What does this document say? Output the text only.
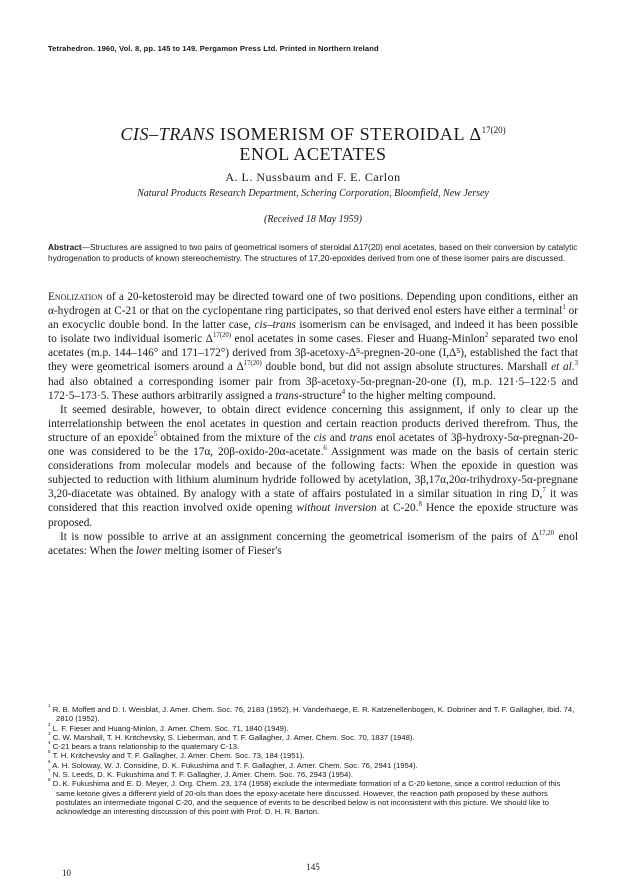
Tetrahedron. 1960, Vol. 8, pp. 145 to 149. Pergamon Press Ltd. Printed in Northern Ireland
CIS–TRANS ISOMERISM OF STEROIDAL $\Delta^{17(20)}$
ENOL ACETATES
A. L. Nussbaum and F. E. Carlon
Natural Products Research Department, Schering Corporation, Bloomfield, New Jersey
(Received 18 May 1959)
Abstract—Structures are assigned to two pairs of geometrical isomers of steroidal Δ17(20) enol acetates, based on their conversion by catalytic hydrogenation to products of known stereochemistry. The structures of 17,20-epoxides derived from one of these isomer pairs are discussed.

Enolization of a 20-ketosteroid may be directed toward one of two positions. Depending upon conditions, either an α-hydrogen at C-21 or that on the cyclopentane ring participates, so that derived enol esters have either a terminal$^1$ or an exocyclic double bond. In the latter case, cis–trans isomerism can be envisaged, and indeed it has been possible to isolate two individual isomeric $\Delta^{17(20)}$ enol acetates in some cases. Fieser and Huang-Minlon$^2$ separated two enol acetates (m.p. 144–146° and 171–172°) derived from 3β-acetoxy-Δ⁵-pregnen-20-one (I,Δ⁵), established the fact that they were geometrical isomers around a $\Delta^{17(20)}$ double bond, but did not assign absolute structures. Marshall et al.$^3$ had also obtained a corresponding isomer pair from 3β-acetoxy-5α-pregnan-20-one (I), m.p. 121·5–122·5 and 172·5–173·5. These authors arbitrarily assigned a trans-structure$^4$ to the higher melting compound.

It seemed desirable, however, to obtain direct evidence concerning this assignment, if only to clear up the interrelationship between the enol acetates in question and certain reaction products derived therefrom. Thus, the structure of an epoxide$^5$ obtained from the mixture of the cis and trans enol acetates of 3β-hydroxy-5α-pregnan-20-one was considered to be the 17α, 20β-oxido-20α-acetate.$^6$ Assignment was made on the basis of certain steric considerations from molecular models and because of the following facts: When the epoxide in question was subjected to reduction with lithium aluminum hydride followed by acetylation, 3β,17α,20α-trihydroxy-5α-pregnane 3,20-diacetate was obtained. By analogy with a state of affairs postulated in a similar situation in ring D,$^7$ it was considered that this reaction involved oxide opening without inversion at C-20.$^8$ Hence the epoxide structure was proposed.

It is now possible to arrive at an assignment concerning the geometrical isomerism of the pairs of Δ$^{17,20}$ enol acetates: When the lower melting isomer of Fieser's

$^1$ R. B. Moffett and D. I. Weisblat, J. Amer. Chem. Soc. 76, 2183 (1952), H. Vanderhaege, E. R. Katzenellenbogen, K. Dobriner and T. F. Gallagher, Ibid. 74, 2810 (1952).

$^2$ L. F. Fieser and Huang-Minlon, J. Amer. Chem. Soc. 71, 1840 (1949).

$^3$ C. W. Marshall, T. H. Kritchevsky, S. Lieberman, and T. F. Gallagher, J. Amer. Chem. Soc. 70, 1837 (1948).

$^4$ C-21 bears a trans relationship to the quaternary C-13.

$^5$ T. H. Kritchevsky and T. F. Gallagher, J. Amer. Chem. Soc. 73, 184 (1951).

$^6$ A. H. Soloway, W. J. Considine, D. K. Fukushima and T. F. Gallagher, J. Amer. Chem. Soc. 76, 2941 (1954).

$^7$ N. S. Leeds, D. K. Fukushima and T. F. Gallagher, J. Amer. Chem. Soc. 76, 2943 (1954).

$^8$ D. K. Fukushima and E. D. Meyer, J. Org. Chem. 23, 174 (1958) exclude the intermediate formation of a C-20 ketone, since a control reduction of this same ketone gives a different yield of 20-ols than does the epoxy-acetate here discussed. However, the reaction path proposed by these authors postulates an intermediate trigonal C-20, and the sequence of events to be described below is not inconsistent with this picture. We should like to acknowledge an interesting discussion of this point with Prof. D. H. R. Barton.

145
10
